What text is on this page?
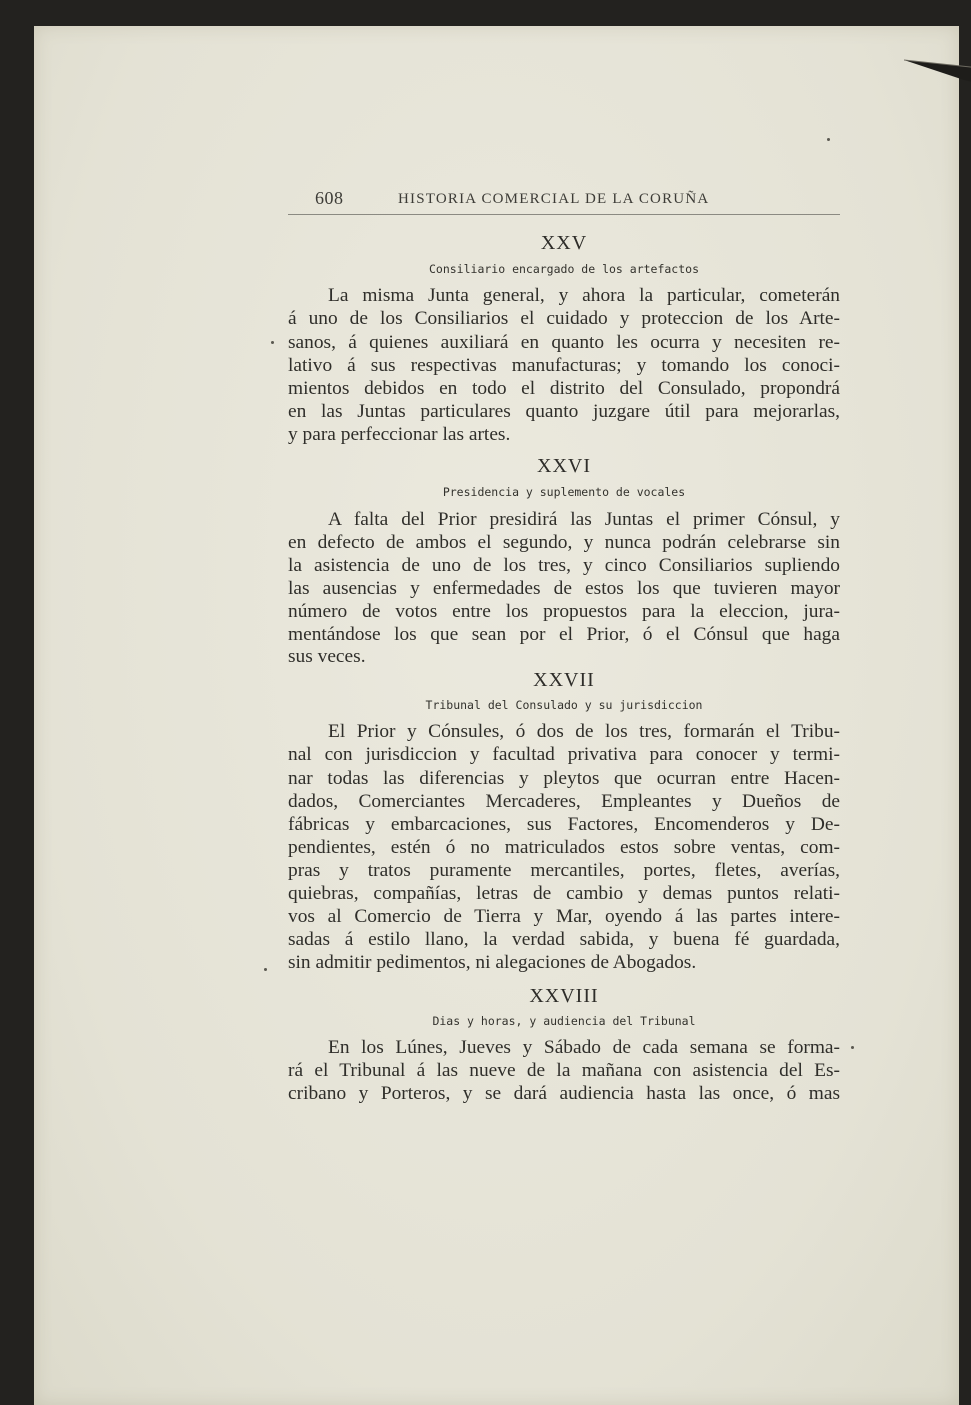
608	HISTORIA COMERCIAL DE LA CORUÑA
XXV
Consiliario encargado de los artefactos
La misma Junta general, y ahora la particular, cometerán
á uno de los Consiliarios el cuidado y proteccion de los Arte-
sanos, á quienes auxiliará en quanto les ocurra y necesiten re-
lativo á sus respectivas manufacturas; y tomando los conoci-
mientos debidos en todo el distrito del Consulado, propondrá
en las Juntas particulares quanto juzgare útil para mejorarlas,
y para perfeccionar las artes.
XXVI
Presidencia y suplemento de vocales
A falta del Prior presidirá las Juntas el primer Cónsul, y
en defecto de ambos el segundo, y nunca podrán celebrarse sin
la asistencia de uno de los tres, y cinco Consiliarios supliendo
las ausencias y enfermedades de estos los que tuvieren mayor
número de votos entre los propuestos para la eleccion, jura-
mentándose los que sean por el Prior, ó el Cónsul que haga
sus veces.
XXVII
Tribunal del Consulado y su jurisdiccion
El Prior y Cónsules, ó dos de los tres, formarán el Tribu-
nal con jurisdiccion y facultad privativa para conocer y termi-
nar todas las diferencias y pleytos que ocurran entre Hacen-
dados, Comerciantes Mercaderes, Empleantes y Dueños de
fábricas y embarcaciones, sus Factores, Encomenderos y De-
pendientes, estén ó no matriculados estos sobre ventas, com-
pras y tratos puramente mercantiles, portes, fletes, averías,
quiebras, compañías, letras de cambio y demas puntos relati-
vos al Comercio de Tierra y Mar, oyendo á las partes intere-
sadas á estilo llano, la verdad sabida, y buena fé guardada,
sin admitir pedimentos, ni alegaciones de Abogados.
XXVIII
Dias y horas, y audiencia del Tribunal
En los Lúnes, Jueves y Sábado de cada semana se forma-
rá el Tribunal á las nueve de la mañana con asistencia del Es-
cribano y Porteros, y se dará audiencia hasta las once, ó mas
